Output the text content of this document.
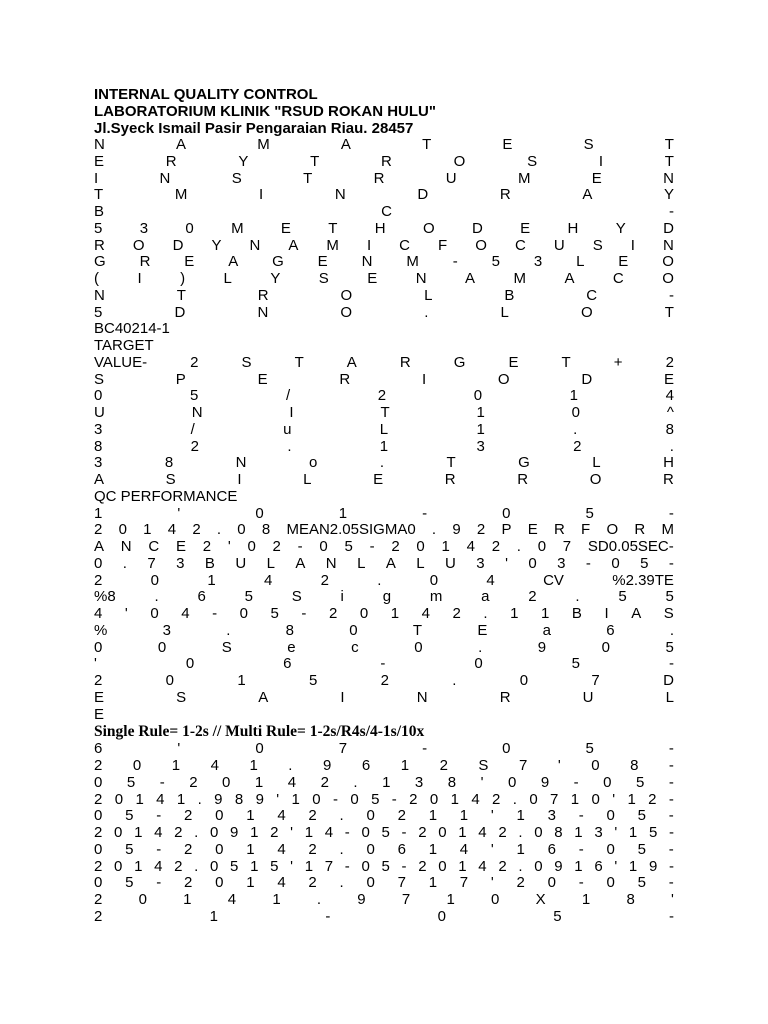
INTERNAL QUALITY CONTROL
LABORATORIUM KLINIK "RSUD ROKAN HULU"
Jl.Syeck Ismail Pasir Pengaraian Riau. 28457
N	A	M	A	T	E	S	T
E	R	Y	T	R	O	S	I	T
I	N	S	T	R	U	M	E	N
T	M	I	N	D	R	A	Y
B	C	-
5 3 0 M E T H O D E H Y D
R O D Y N A M I C F O C U S I N
G R E A G E N M - 5 3 L E O
(	I	)	L	Y	S	E	N	A	M	A	C	O
N	T	R	O	L	B	C	-
5	D	N	O	.	L	O	T
BC40214-1
TARGET
VALUE-	2	S	T	A	R	G	E	T	+	2
S	P	E	R	I	O	D	E
0	5	/	2	0	1	4
U	N	I	T	1	0	^
3	/	u	L	1	.	8
8	2	.	1	3	2	.
3	8	N	o	.	T	G	L	H
A	S	I	L	E	R	R	O	R
QC PERFORMANCE
1	'	0	1	-	0	5	-
2 0 1 4 2 . 0 8 MEAN2.05SIGMA0 . 9 2 P E R F O R M
A N C E 2 ' 0 2 - 0 5 - 2 0 1 4 2 . 0 7 SD0.05SEC-
0 . 7 3 B U L A N L A L U 3 ' 0 3 - 0 5 -
2	0	1	4	2	.	0	4	CV	%2.39TE
%8	.	6	5	S	i	g	m	a	2	.	5	5
4 ' 0 4 - 0 5 - 2 0 1 4 2 . 1 1 B I A S
%	3	.	8	0	T	E	a	6	.
0	0	S	e	c	0	.	9	0	5
'	0	6	-	0	5	-
2	0	1	5	2	.	0	7	D
E	S	A	I	N	R	U	L
E
Single Rule= 1-2s // Multi Rule= 1-2s/R4s/4-1s/10x
6	'	0	7	-	0	5	-
2 0 1 4 1 . 9 6 1 2 S 7 ' 0 8 -
0 5 - 2 0 1 4 2 . 1 3 8 ' 0 9 - 0 5 -
2 0 1 4 1 . 9 8 9 ' 1 0 - 0 5 - 2 0 1 4 2 . 0 7 1 0 ' 1 2 -
0 5 - 2 0 1 4 2 . 0 2 1 1 ' 1 3 - 0 5 -
2 0 1 4 2 . 0 9 1 2 ' 1 4 - 0 5 - 2 0 1 4 2 . 0 8 1 3 ' 1 5 -
0 5 - 2 0 1 4 2 . 0 6 1 4 ' 1 6 - 0 5 -
2 0 1 4 2 . 0 5 1 5 ' 1 7 - 0 5 - 2 0 1 4 2 . 0 9 1 6 ' 1 9 -
0 5 - 2 0 1 4 2 . 0 7 1 7 ' 2 0 - 0 5 -
2 0 1 4 1 . 9 7 1 0 X 1 8 '
2	1	-	0	5	-
